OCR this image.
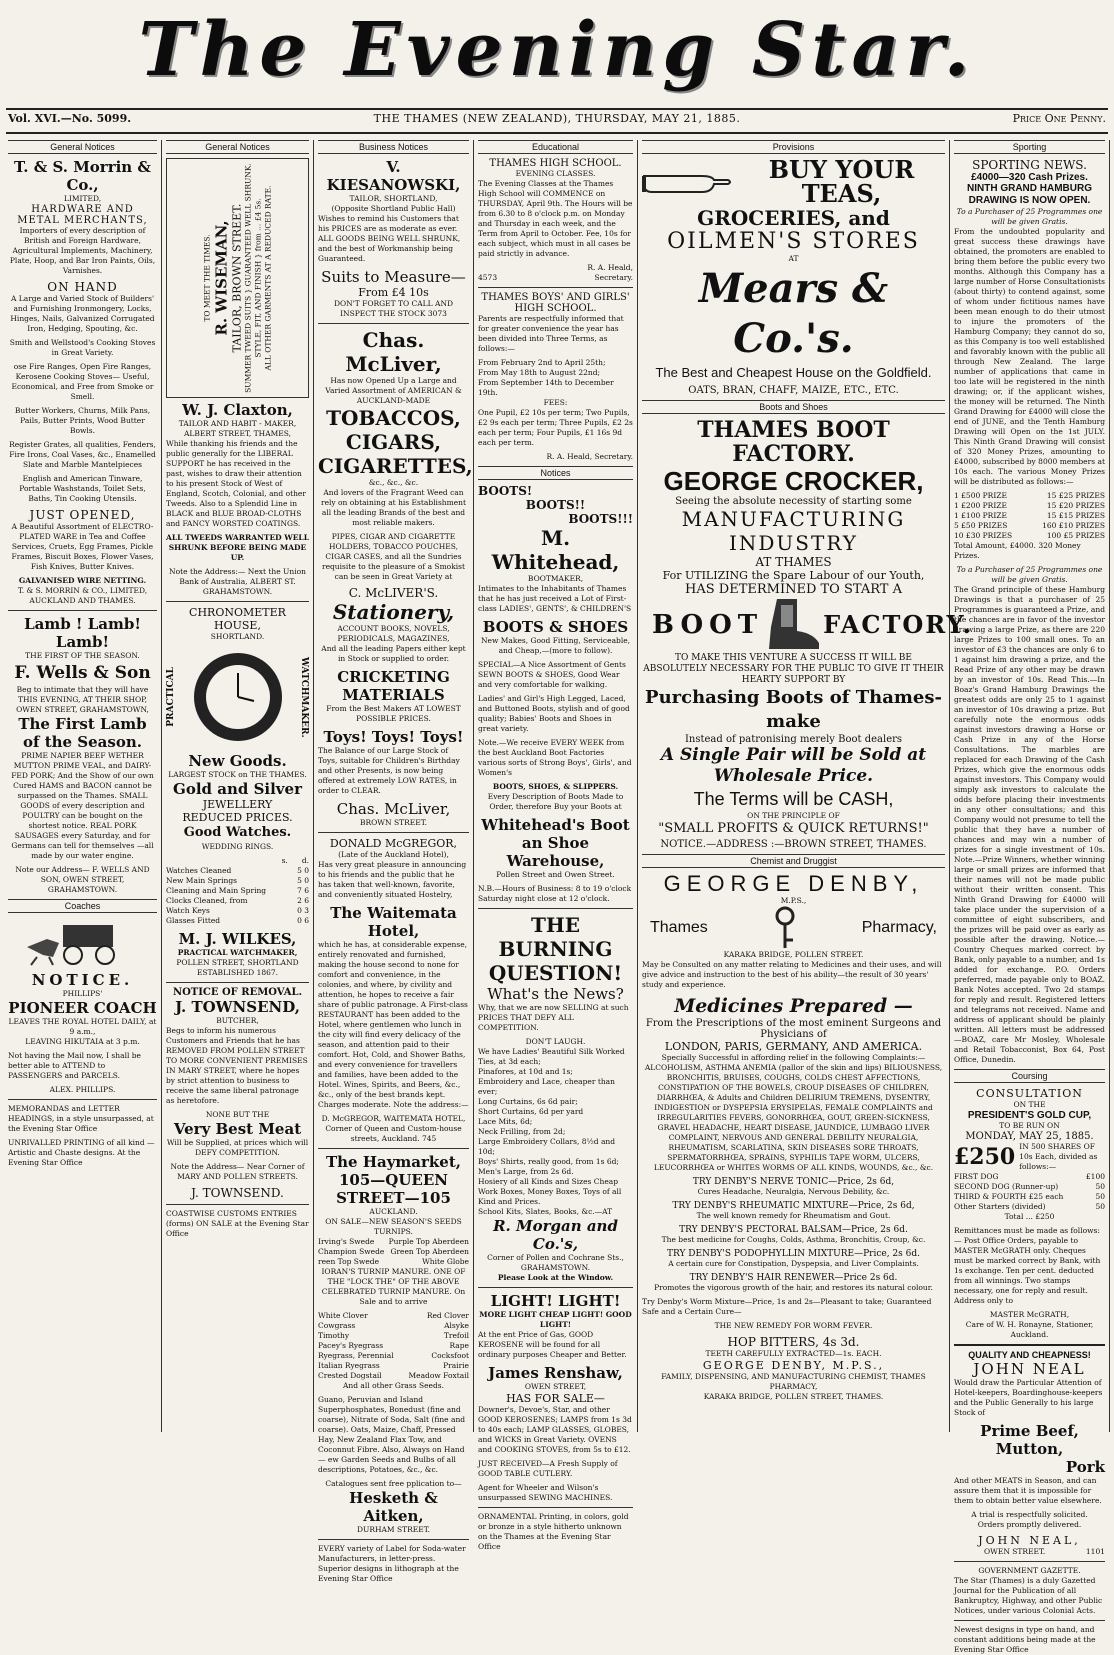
The Evening Star.
Vol. XVI.—No. 5099.	THE THAMES (NEW ZEALAND), THURSDAY, MAY 21, 1885.	Price One Penny.
General Notices
T. & S. Morrin & Co.,
LIMITED,
HARDWARE AND METAL MERCHANTS,
Importers of every description of British and Foreign Hardware, Agricultural Implements, Machinery, Plate, Hoop, and Bar Iron Paints, Oils, Varnishes.
ON HAND
A Large and Varied Stock of Builders' and Furnishing Ironmongery, Locks, Hinges, Nails, Galvanized Corrugated Iron, Hedging, Spouting, &c.
Smith and Wellstood's Cooking Stoves in Great Variety.
ose Fire Ranges, Open Fire Ranges, Kerosene Cooking Stoves— Useful, Economical, and Free from Smoke or Smell.
Butter Workers, Churns, Milk Pans, Pails, Butter Prints, Wood Butter Bowls.
Register Grates, all qualities, Fenders, Fire Irons, Coal Vases, &c., Enamelled Slate and Marble Mantelpieces
English and American Tinware, Portable Washstands, Toilet Sets, Baths, Tin Cooking Utensils.
JUST OPENED,
A Beautiful Assortment of ELECTRO-PLATED WARE in Tea and Coffee Services, Cruets, Egg Frames, Pickle Frames, Biscuit Boxes, Flower Vases, Fish Knives, Butter Knives.
GALVANISED WIRE NETTING.
T. & S. MORRIN & CO., LIMITED, AUCKLAND AND THAMES.
Lamb ! Lamb! Lamb!
THE FIRST OF THE SEASON.
F. Wells & Son
Beg to intimate that they will have THIS EVENING, AT THEIR SHOP, OWEN STREET, GRAHAMSTOWN,
The First Lamb of the Season.
PRIME NAPIER BEEF WETHER MUTTON PRIME VEAL, and DAIRY-FED PORK; And the Show of our own Cured HAMS and BACON cannot be surpassed on the Thames. SMALL GOODS of every description and POULTRY can be bought on the shortest notice. REAL PORK SAUSAGES every Saturday, and for Germans can tell for themselves —all made by our water engine.
Note our Address— F. WELLS AND SON, OWEN STREET, GRAHAMSTOWN.
Coaches
NOTICE.
PHILLIPS'
PIONEER COACH
LEAVES THE ROYAL HOTEL DAILY, at 9 a.m.,
LEAVING HIKUTAIA at 3 p.m.
Not having the Mail now, I shall be better able to ATTEND to PASSENGERS and PARCELS.
ALEX. PHILLIPS.
MEMORANDAS and LETTER HEADINGS, in a style unsurpassed, at the Evening Star Office
UNRIVALLED PRINTING of all kind —Artistic and Chaste designs. At the Evening Star Office
General Notices
TO MEET THE TIMES. R. WISEMAN, TAILOR, BROWN STREET. SUMMER TWEED SUITS } GUARANTEED WELL SHRUNK. STYLE, FIT, AND FINISH } from ... £4 5s. ALL OTHER GARMENTS AT A REDUCED RATE.
W. J. Claxton,
TAILOR AND HABIT - MAKER, ALBERT STREET, THAMES,
While thanking his friends and the public generally for the LIBERAL SUPPORT he has received in the past, wishes to draw their attention to his present Stock of West of England, Scotch, Colonial, and other Tweeds. Also to a Splendid Line in BLACK and BLUE BROAD-CLOTHS and FANCY WORSTED COATINGS.
ALL TWEEDS WARRANTED WELL SHRUNK BEFORE BEING MADE UP.
Note the Address:— Next the Union Bank of Australia, ALBERT ST. GRAHAMSTOWN.
CHRONOMETER HOUSE,
SHORTLAND.
PRACTICAL	WATCHMAKER.
New Goods.
LARGEST STOCK on THE THAMES.
Gold and Silver
JEWELLERY
REDUCED PRICES.
Good Watches.
WEDDING RINGS.
s. d.
Watches Cleaned	5 0
New Main Springs	5 0
Cleaning and Main Spring	7 6
Clocks Cleaned, from	2 6
Watch Keys	0 3
Glasses Fitted	0 6
M. J. WILKES,
PRACTICAL WATCHMAKER,
POLLEN STREET, SHORTLAND
ESTABLISHED 1867.
NOTICE OF REMOVAL.
J. TOWNSEND,
BUTCHER,
Begs to inform his numerous Customers and Friends that he has REMOVED FROM POLLEN STREET TO MORE CONVENIENT PREMISES IN MARY STREET, where he hopes by strict attention to business to receive the same liberal patronage as heretofore.
NONE BUT THE
Very Best Meat
Will be Supplied, at prices which will DEFY COMPETITION.
Note the Address— Near Corner of MARY AND POLLEN STREETS.
J. TOWNSEND.
COASTWISE CUSTOMS ENTRIES (forms) ON SALE at the Evening Star Office
Business Notices
V. KIESANOWSKI,
TAILOR, SHORTLAND,
(Opposite Shortland Public Hall)
Wishes to remind his Customers that his PRICES are as moderate as ever. ALL GOODS BEING WELL SHRUNK, and the best of Workmanship being Guaranteed.
Suits to Measure—
From £4 10s
DON'T FORGET TO CALL AND INSPECT THE STOCK 3073
Chas. McLiver,
Has now Opened Up a Large and Varied Assortment of AMERICAN & AUCKLAND-MADE
TOBACCOS,
CIGARS,
CIGARETTES,
&c., &c., &c.
And lovers of the Fragrant Weed can rely on obtaining at his Establishment all the leading Brands of the best and most reliable makers.
PIPES, CIGAR AND CIGARETTE HOLDERS, TOBACCO POUCHES, CIGAR CASES, and all the Sundries requisite to the pleasure of a Smokist can be seen in Great Variety at
C. McLIVER'S.
Stationery,
ACCOUNT BOOKS, NOVELS, PERIODICALS, MAGAZINES,
And all the leading Papers either kept in Stock or supplied to order.
CRICKETING MATERIALS
From the Best Makers AT LOWEST POSSIBLE PRICES.
Toys! Toys! Toys!
The Balance of our Large Stock of Toys, suitable for Children's Birthday and other Presents, is now being offered at extremely LOW RATES, in order to CLEAR.
Chas. McLiver,
BROWN STREET.
DONALD McGREGOR,
(Late of the Auckland Hotel),
Has very great pleasure in announcing to his friends and the public that he has taken that well-known, favorite, and conveniently situated Hostelry,
The Waitemata Hotel,
which he has, at considerable expense, entirely renovated and furnished, making the house second to none for comfort and convenience, in the colonies, and where, by civility and attention, he hopes to receive a fair share of public patronage. A First-class RESTAURANT has been added to the Hotel, where gentlemen who lunch in the city will find every delicacy of the season, and attention paid to their comfort. Hot, Cold, and Shower Baths, and every convenience for travellers and families, have been added to the Hotel. Wines, Spirits, and Beers, &c., &c., only of the best brands kept. Charges moderate. Note the address:—
D. McGREGOR, WAITEMATA HOTEL, Corner of Queen and Custom-house streets, Auckland. 745
The Haymarket,
105—QUEEN STREET—105
AUCKLAND.
ON SALE—NEW SEASON'S SEEDS
TURNIPS.
Irving's Swede Purple Top Aberdeen
Champion Swede Green Top Aberdeen
reen Top Swede	White Globe
IORAN'S TURNIP MANURE. ONE OF THE "LOCK THE" OF THE ABOVE CELEBRATED TURNIP MANURE. On Sale and to arrive
White Clover	Red Clover
Cowgrass	Alsyke
Timothy	Trefoil
Pacey's Ryegrass	Rape
Ryegrass, Perennial	Cocksfoot
Italian Ryegrass	Prairie
Crested Dogstail	Meadow Foxtail
And all other Grass Seeds.
Guano, Peruvian and Island Superphosphates, Bonedust (fine and coarse), Nitrate of Soda, Salt (fine and coarse). Oats, Maize, Chaff, Pressed Hay, New Zealand Flax Tow, and Coconnut Fibre. Also, Always on Hand— ew Garden Seeds and Bulbs of all descriptions, Potatoes, &c., &c.
Catalogues sent free pplication to—
Hesketh & Aitken,
DURHAM STREET.
EVERY variety of Label for Soda-water Manufacturers, in letter-press. Superior designs in lithograph at the Evening Star Office
Educational
THAMES HIGH SCHOOL.
EVENING CLASSES.
The Evening Classes at the Thames High School will COMMENCE on THURSDAY, April 9th. The Hours will be from 6.30 to 8 o'clock p.m. on Monday and Thursday in each week, and the Term from April to October. Fee, 10s for each subject, which must in all cases be paid strictly in advance.
R. A. Heald,
4573	Secretary.
THAMES BOYS' AND GIRLS' HIGH SCHOOL.
Parents are respectfully informed that for greater convenience the year has been divided into Three Terms, as follows:—
From February 2nd to April 25th;
From May 18th to August 22nd;
From September 14th to December 19th.
FEES:
One Pupil, £2 10s per term; Two Pupils, £2 9s each per term; Three Pupils, £2 2s each per term; Four Pupils, £1 16s 9d each per term.
R. A. Heald, Secretary.
Notices
BOOTS!
BOOTS!!
BOOTS!!!
M. Whitehead,
BOOTMAKER,
Intimates to the Inhabitants of Thames that he has just received a Lot of First-class LADIES', GENTS', & CHILDREN'S
BOOTS & SHOES
New Makes, Good Fitting, Serviceable, and Cheap,—(more to follow).
SPECIAL—A Nice Assortment of Gents SEWN BOOTS & SHOES, Good Wear and very comfortable for walking.
Ladies' and Girl's High Legged, Laced, and Buttoned Boots, stylish and of good quality; Babies' Boots and Shoes in great variety.
Note.—We receive EVERY WEEK from the best Auckland Boot Factories various sorts of Strong Boys', Girls', and Women's
BOOTS, SHOES, & SLIPPERS.
Every Description of Boots Made to Order, therefore Buy your Boots at
Whitehead's Boot an Shoe Warehouse,
Pollen Street and Owen Street.
N.B.—Hours of Business: 8 to 19 o'clock Saturday night close at 12 o'clock.
THE BURNING QUESTION!
What's the News?
Why, that we are now SELLING at such PRICES THAT DEFY ALL COMPETITION.
DON'T LAUGH.
We have Ladies' Beautiful Silk Worked Ties, at 3d each;
Pinafores, at 10d and 1s;
Embroidery and Lace, cheaper than ever;
Long Curtains, 6s 6d pair;
Short Curtains, 6d per yard
Lace Mits, 6d;
Neck Frilling, from 2d;
Large Embroidery Collars, 8½d and 10d;
Boys' Shirts, really good, from 1s 6d;
Men's Large, from 2s 6d.
Hosiery of all Kinds and Sizes Cheap
Work Boxes, Money Boxes, Toys of all Kind and Prices.
School Kits, Slates, Books, &c.—AT
R. Morgan and Co.'s,
Corner of Pollen and Cochrane Sts., GRAHAMSTOWN.
Please Look at the Window.
LIGHT! LIGHT!
MORE LIGHT CHEAP LIGHT! GOOD LIGHT!
At the ent Price of Gas, GOOD KEROSENE will be found for all ordinary purposes Cheaper and Better.
James Renshaw,
OWEN STREET,
HAS FOR SALE—
Downer's, Devoe's, Star, and other GOOD KEROSENES; LAMPS from 1s 3d to 40s each; LAMP GLASSES, GLOBES, and WICKS in Great Variety. OVENS and COOKING STOVES, from 5s to £12.
JUST RECEIVED—A Fresh Supply of GOOD TABLE CUTLERY.
Agent for Wheeler and Wilson's unsurpassed SEWING MACHINES.
ORNAMENTAL Printing, in colors, gold or bronze in a style hitherto unknown on the Thames at the Evening Star Office
Provisions
BUY YOUR TEAS,
GROCERIES, and
OILMEN'S STORES
AT
Mears & Co.'s.
The Best and Cheapest House on the Goldfield.
OATS, BRAN, CHAFF, MAIZE, ETC., ETC.
Boots and Shoes
THAMES BOOT FACTORY.
GEORGE CROCKER,
Seeing the absolute necessity of starting some
MANUFACTURING INDUSTRY
AT THAMES
For UTILIZING the Spare Labour of our Youth,
HAS DETERMINED TO START A
BOOT	FACTORY.
TO MAKE THIS VENTURE A SUCCESS IT WILL BE ABSOLUTELY NECESSARY FOR THE PUBLIC TO GIVE IT THEIR HEARTY SUPPORT BY
Purchasing Boots of Thames-make
Instead of patronising merely Boot dealers
A Single Pair will be Sold at Wholesale Price.
The Terms will be CASH,
ON THE PRINCIPLE OF
"SMALL PROFITS & QUICK RETURNS!"
NOTICE.—ADDRESS :—BROWN STREET, THAMES.
Chemist and Druggist
GEORGE DENBY,
M.P.S.,
Thames	Pharmacy,
KARAKA BRIDGE, POLLEN STREET.
May be Consulted on any matter relating to Medicines and their uses, and will give advice and instruction to the best of his ability—the result of 30 years' study and experience.
Medicines Prepared —
From the Prescriptions of the most eminent Surgeons and Physicians of
LONDON, PARIS, GERMANY, AND AMERICA.
Specially Successful in affording relief in the following Complaints:— ALCOHOLISM, ASTHMA ANEMIA (pallor of the skin and lips) BILIOUSNESS, BRONCHITIS, BRUISES, COUGHS, COLDS CHEST AFFECTIONS, CONSTIPATION OF THE BOWELS, CROUP DISEASES OF CHILDREN, DIARRHŒA, & Adults and Children DELIRIUM TREMENS, DYSENTRY, INDIGESTION or DYSPEPSIA ERYSIPELAS, FEMALE COMPLAINTS and IRREGULARITIES FEVERS, GONORRHŒA, GOUT, GREEN-SICKNESS, GRAVEL HEADACHE, HEART DISEASE, JAUNDICE, LUMBAGO LIVER COMPLAINT, NERVOUS AND GENERAL DEBILITY NEURALGIA, RHEUMATISM, SCARLATINA, SKIN DISEASES SORE THROATS, SPERMATORRHŒA, SPRAINS, SYPHILIS TAPE WORM, ULCERS, LEUCORRHŒA or WHITES WORMS OF ALL KINDS, WOUNDS, &c., &c.
TRY DENBY'S NERVE TONIC—Price, 2s 6d,
Cures Headache, Neuralgia, Nervous Debility, &c.
TRY DENBY'S RHEUMATIC MIXTURE—Price, 2s 6d,
The well known remedy for Rheumatism and Gout.
TRY DENBY'S PECTORAL BALSAM—Price, 2s 6d.
The best medicine for Coughs, Colds, Asthma, Bronchitis, Croup, &c.
TRY DENBY'S PODOPHYLLIN MIXTURE—Price, 2s 6d.
A certain cure for Constipation, Dyspepsia, and Liver Complaints.
TRY DENBY'S HAIR RENEWER—Price 2s 6d.
Promotes the vigorous growth of the hair, and restores its natural colour.
Try Denby's Worm Mixture—Price, 1s and 2s—Pleasant to take; Guaranteed Safe and a Certain Cure—
THE NEW REMEDY FOR WORM FEVER.
HOP BITTERS, 4s 3d.
TEETH CAREFULLY EXTRACTED—1s. EACH.
GEORGE DENBY, M.P.S.,
FAMILY, DISPENSING, AND MANUFACTURING CHEMIST, THAMES PHARMACY,
KARAKA BRIDGE, POLLEN STREET, THAMES.
Sporting
SPORTING NEWS.
£4000—320 Cash Prizes.
NINTH GRAND HAMBURG DRAWING IS NOW OPEN.
To a Purchaser of 25 Programmes one will be given Gratis.
From the undoubted popularity and great success these drawings have obtained, the promoters are enabled to bring them before the public every two months. Although this Company has a large number of Horse Consultationists (about thirty) to contend against, some of whom under fictitious names have been mean enough to do their utmost to injure the promoters of the Hamburg Company; they cannot do so, as this Company is too well established and favorably known with the public all through New Zealand. The large number of applications that came in too late will be registered in the ninth drawing; or, if the applicant wishes, the money will be returned. The Ninth Grand Drawing for £4000 will close the end of JUNE, and the Tenth Hamburg Drawing will Open on the 1st JULY. This Ninth Grand Drawing will consist of 320 Money Prizes, amounting to £4000, subscribed by 8000 members at 10s each. The various Money Prizes will be distributed as follows:—
1 £500 PRIZE	15 £25 PRIZES
1 £200 PRIZE	15 £20 PRIZES
1 £100 PRIZE	15 £15 PRIZES
5 £50 PRIZES	160 £10 PRIZES
10 £30 PRIZES	100 £5 PRIZES
Total Amount, £4000. 320 Money Prizes.
To a Purchaser of 25 Programmes one will be given Gratis.
The Grand principle of these Hamburg Drawings is that a purchaser of 25 Programmes is guaranteed a Prize, and the chances are in favor of the investor drawing a large Prize, as there are 220 large Prizes to 100 small ones. To an investor of £3 the chances are only 6 to 1 against him drawing a prize, and the Read Prize of any other may be drawn by an investor of 10s. Read This.—In Boaz's Grand Hamburg Drawings the greatest odds are only 25 to 1 against an investor of 10s drawing a prize. But carefully note the enormous odds against investors drawing a Horse or Cash Prize in any of the Horse Consultations. The marbles are replaced for each Drawing of the Cash Prizes, which give the enormous odds against investors. This Company would simply ask investors to calculate the odds before placing their investments in any other consultations; and this Company would not presume to tell the public that they have a number of chances and may win a number of prizes for a single investment of 10s. Note.—Prize Winners, whether winning large or small prizes are informed that their names will not be made public without their written consent. This Ninth Grand Drawing for £4000 will take place under the supervision of a committee of eight subscribers, and the prizes will be paid over as early as possible after the drawing. Notice.—Country Cheques marked correct by Bank, only payable to a number, and 1s added for exchange. P.O. Orders preferred, made payable only to BOAZ. Bank Notes accepted. Two 2d stamps for reply and result. Registered letters and telegrams not received. Name and address of applicant should be plainly written. All letters must be addressed—BOAZ, care Mr Mosley, Wholesale and Retail Tobacconist, Box 64, Post Office, Dunedin.
Coursing
CONSULTATION
ON THE
PRESIDENT'S GOLD CUP,
TO BE RUN ON
MONDAY, MAY 25, 1885.
£250 IN 500 SHARES OF 10s Each, divided as follows:—
FIRST DOG	£100
SECOND DOG (Runner-up)	50
THIRD & FOURTH £25 each	50
Other Starters (divided)	50
Total ... £250
Remittances must be made as follows:— Post Office Orders, payable to MASTER McGRATH only. Cheques must be marked correct by Bank, with 1s exchange. Ten per cent. deducted from all winnings. Two stamps necessary, one for reply and result. Address only to
MASTER McGRATH,
Care of W. H. Ronayne, Stationer, Auckland.
QUALITY AND CHEAPNESS!
JOHN NEAL
Would draw the Particular Attention of Hotel-keepers, Boardinghouse-keepers and the Public Generally to his large Stock of
Prime Beef,
Mutton,
Pork
And other MEATS in Season, and can assure them that it is impossible for them to obtain better value elsewhere.
A trial is respectfully solicited.
Orders promptly delivered.
JOHN NEAL,
OWEN STREET.	1101
GOVERNMENT GAZETTE.
The Star (Thames) is a duly Gazetted Journal for the Publication of all Bankruptcy, Highway, and other Public Notices, under various Colonial Acts.
Newest designs in type on hand, and constant additions being made at the Evening Star Office
